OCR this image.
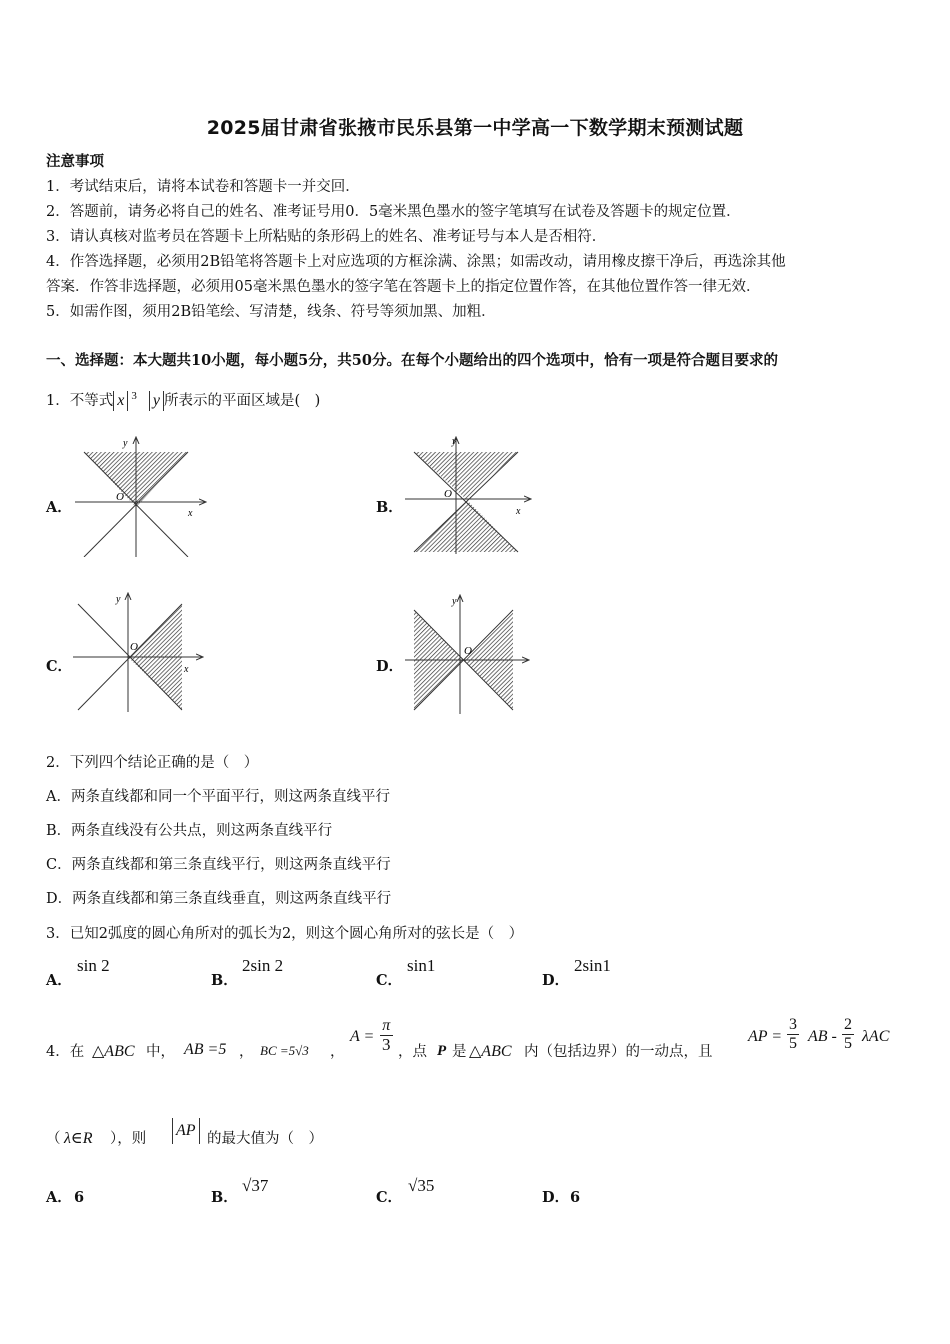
2025届甘肃省张掖市民乐县第一中学高一下数学期末预测试题
注意事项
1．考试结束后，请将本试卷和答题卡一并交回．
2．答题前，请务必将自己的姓名、准考证号用0．5毫米黑色墨水的签字笔填写在试卷及答题卡的规定位置．
3．请认真核对监考员在答题卡上所粘贴的条形码上的姓名、准考证号与本人是否相符．
4．作答选择题，必须用2B铅笔将答题卡上对应选项的方框涂满、涂黑；如需改动，请用橡皮擦干净后，再选涂其他
答案．作答非选择题，必须用05毫米黑色墨水的签字笔在答题卡上的指定位置作答，在其他位置作答一律无效．
5．如需作图，须用2B铅笔绘、写清楚，线条、符号等须加黑、加粗．
一、选择题：本大题共10小题，每小题5分，共50分。在每个小题给出的四个选项中，恰有一项是符合题目要求的
1．不等式 x $^3$ y 所表示的平面区域是(　)
A．
y
x
O
B．
y
x
O
C．
y
x
O
D．
y
O
2．下列四个结论正确的是（　）
A．两条直线都和同一个平面平行，则这两条直线平行
B．两条直线没有公共点，则这两条直线平行
C．两条直线都和第三条直线平行，则这两条直线平行
D．两条直线都和第三条直线垂直，则这两条直线平行
3．已知2弧度的圆心角所对的弧长为2，则这个圆心角所对的弦长是（　）
A．
sin 2
B．
2sin 2
C．
sin1
D．
2sin1
4．在 △ABC 中， AB =5 ， BC =5√3 ，
$A = \frac{\pi}{3}$ ，点 P 是 △ABC 内（包括边界）的一动点，且
AP = $\frac{3}{5}$ AB - $\frac{2}{5}$ λAC
（ λ∈R ），则 AP 的最大值为（　）
A． 6	B．
√37
C．
√35
D． 6
